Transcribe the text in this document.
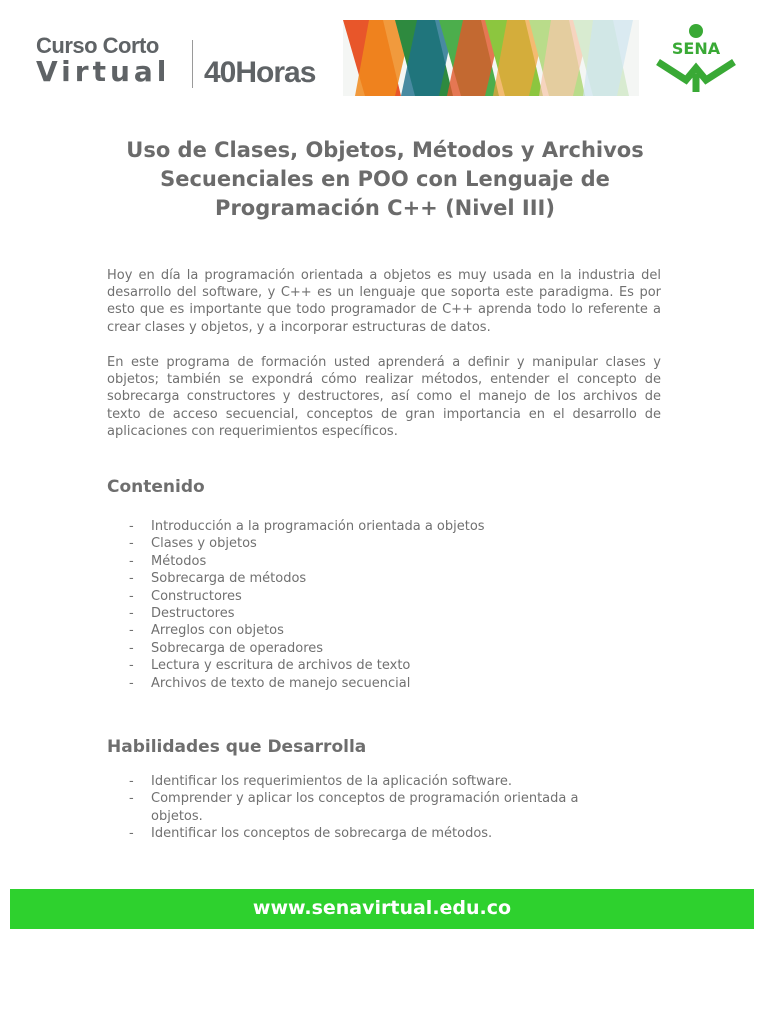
Curso Corto
Virtual 40Horas
SENA
Uso de Clases, Objetos, Métodos y Archivos
Secuenciales en POO con Lenguaje de
Programación C++ (Nivel III)

Hoy en día la programación orientada a objetos es muy usada en la industria del desarrollo del software, y C++ es un lenguaje que soporta este paradigma. Es por esto que es importante que todo programador de C++ aprenda todo lo referente a crear clases y objetos, y a incorporar estructuras de datos.

En este programa de formación usted aprenderá a definir y manipular clases y objetos; también se expondrá cómo realizar métodos, entender el concepto de sobrecarga constructores y destructores, así como el manejo de los archivos de texto de acceso secuencial, conceptos de gran importancia en el desarrollo de aplicaciones con requerimientos específicos.

Contenido
- Introducción a la programación orientada a objetos
- Clases y objetos
- Métodos
- Sobrecarga de métodos
- Constructores
- Destructores
- Arreglos con objetos
- Sobrecarga de operadores
- Lectura y escritura de archivos de texto
- Archivos de texto de manejo secuencial
Habilidades que Desarrolla
- Identificar los requerimientos de la aplicación software.
- Comprender y aplicar los conceptos de programación orientada a objetos.
- Identificar los conceptos de sobrecarga de métodos.
www.senavirtual.edu.co
